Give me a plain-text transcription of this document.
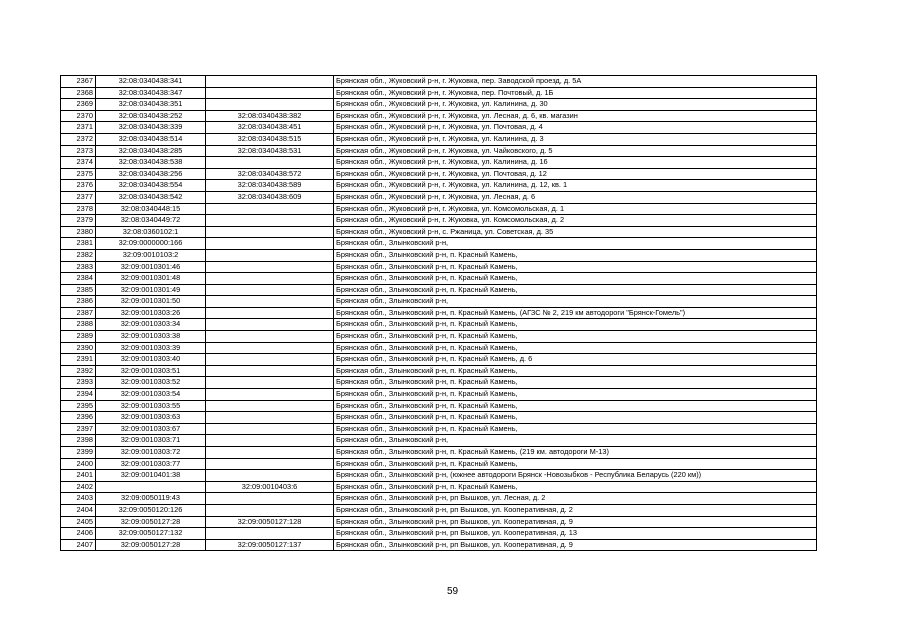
2367	32:08:0340438:341		Брянская обл., Жуковский р-н, г. Жуковка, пер. Заводской проезд, д. 5А
2368	32:08:0340438:347		Брянская обл., Жуковский р-н, г. Жуковка, пер. Почтовый, д. 1Б
2369	32:08:0340438:351		Брянская обл., Жуковский р-н, г. Жуковка, ул. Калинина, д. 30
2370	32:08:0340438:252	32:08:0340438:382	Брянская обл., Жуковский р-н, г. Жуковка, ул. Лесная, д. 6, кв. магазин
2371	32:08:0340438:339	32:08:0340438:451	Брянская обл., Жуковский р-н, г. Жуковка, ул. Почтовая, д. 4
2372	32:08:0340438:514	32:08:0340438:515	Брянская обл., Жуковский р-н, г. Жуковка, ул. Калинина, д. 3
2373	32:08:0340438:285	32:08:0340438:531	Брянская обл., Жуковский р-н, г. Жуковка, ул. Чайковского, д. 5
2374	32:08:0340438:538		Брянская обл., Жуковский р-н, г. Жуковка, ул. Калинина, д. 16
2375	32:08:0340438:256	32:08:0340438:572	Брянская обл., Жуковский р-н, г. Жуковка, ул. Почтовая, д. 12
2376	32:08:0340438:554	32:08:0340438:589	Брянская обл., Жуковский р-н, г. Жуковка, ул. Калинина, д. 12, кв. 1
2377	32:08:0340438:542	32:08:0340438:609	Брянская обл., Жуковский р-н, г. Жуковка, ул. Лесная, д. 6
2378	32:08:0340448:15		Брянская обл., Жуковский р-н, г. Жуковка, ул. Комсомольская, д. 1
2379	32:08:0340449:72		Брянская обл., Жуковский р-н, г. Жуковка, ул. Комсомольская, д. 2
2380	32:08:0360102:1		Брянская обл., Жуковский р-н, с. Ржаница, ул. Советская, д. 35
2381	32:09:0000000:166		Брянская обл., Злынковский р-н,
2382	32:09:0010103:2		Брянская обл., Злынковский р-н, п. Красный Камень,
2383	32:09:0010301:46		Брянская обл., Злынковский р-н, п. Красный Камень,
2384	32:09:0010301:48		Брянская обл., Злынковский р-н, п. Красный Камень,
2385	32:09:0010301:49		Брянская обл., Злынковский р-н, п. Красный Камень,
2386	32:09:0010301:50		Брянская обл., Злынковский р-н,
2387	32:09:0010303:26		Брянская обл., Злынковский р-н, п. Красный Камень, (АГЗС № 2, 219 км автодороги "Брянск-Гомель")
2388	32:09:0010303:34		Брянская обл., Злынковский р-н, п. Красный Камень,
2389	32:09:0010303:38		Брянская обл., Злынковский р-н, п. Красный Камень,
2390	32:09:0010303:39		Брянская обл., Злынковский р-н, п. Красный Камень,
2391	32:09:0010303:40		Брянская обл., Злынковский р-н, п. Красный Камень, д. 6
2392	32:09:0010303:51		Брянская обл., Злынковский р-н, п. Красный Камень,
2393	32:09:0010303:52		Брянская обл., Злынковский р-н, п. Красный Камень,
2394	32:09:0010303:54		Брянская обл., Злынковский р-н, п. Красный Камень,
2395	32:09:0010303:55		Брянская обл., Злынковский р-н, п. Красный Камень,
2396	32:09:0010303:63		Брянская обл., Злынковский р-н, п. Красный Камень,
2397	32:09:0010303:67		Брянская обл., Злынковский р-н, п. Красный Камень,
2398	32:09:0010303:71		Брянская обл., Злынковский р-н,
2399	32:09:0010303:72		Брянская обл., Злынковский р-н, п. Красный Камень, (219 км. автодороги М-13)
2400	32:09:0010303:77		Брянская обл., Злынковский р-н, п. Красный Камень,
2401	32:09:0010401:38		Брянская обл., Злынковский р-н, (южнее автодороги Брянск -Новозыбков - Республика Беларусь (220 км))
2402		32:09:0010403:6	Брянская обл., Злынковский р-н, п. Красный Камень,
2403	32:09:0050119:43		Брянская обл., Злынковский р-н, рп Вышков, ул. Лесная, д. 2
2404	32:09:0050120:126		Брянская обл., Злынковский р-н, рп Вышков, ул. Кооперативная, д. 2
2405	32:09:0050127:28	32:09:0050127:128	Брянская обл., Злынковский р-н, рп Вышков, ул. Кооперативная, д. 9
2406	32:09:0050127:132		Брянская обл., Злынковский р-н, рп Вышков, ул. Кооперативная, д. 13
2407	32:09:0050127:28	32:09:0050127:137	Брянская обл., Злынковский р-н, рп Вышков, ул. Кооперативная, д. 9
59
